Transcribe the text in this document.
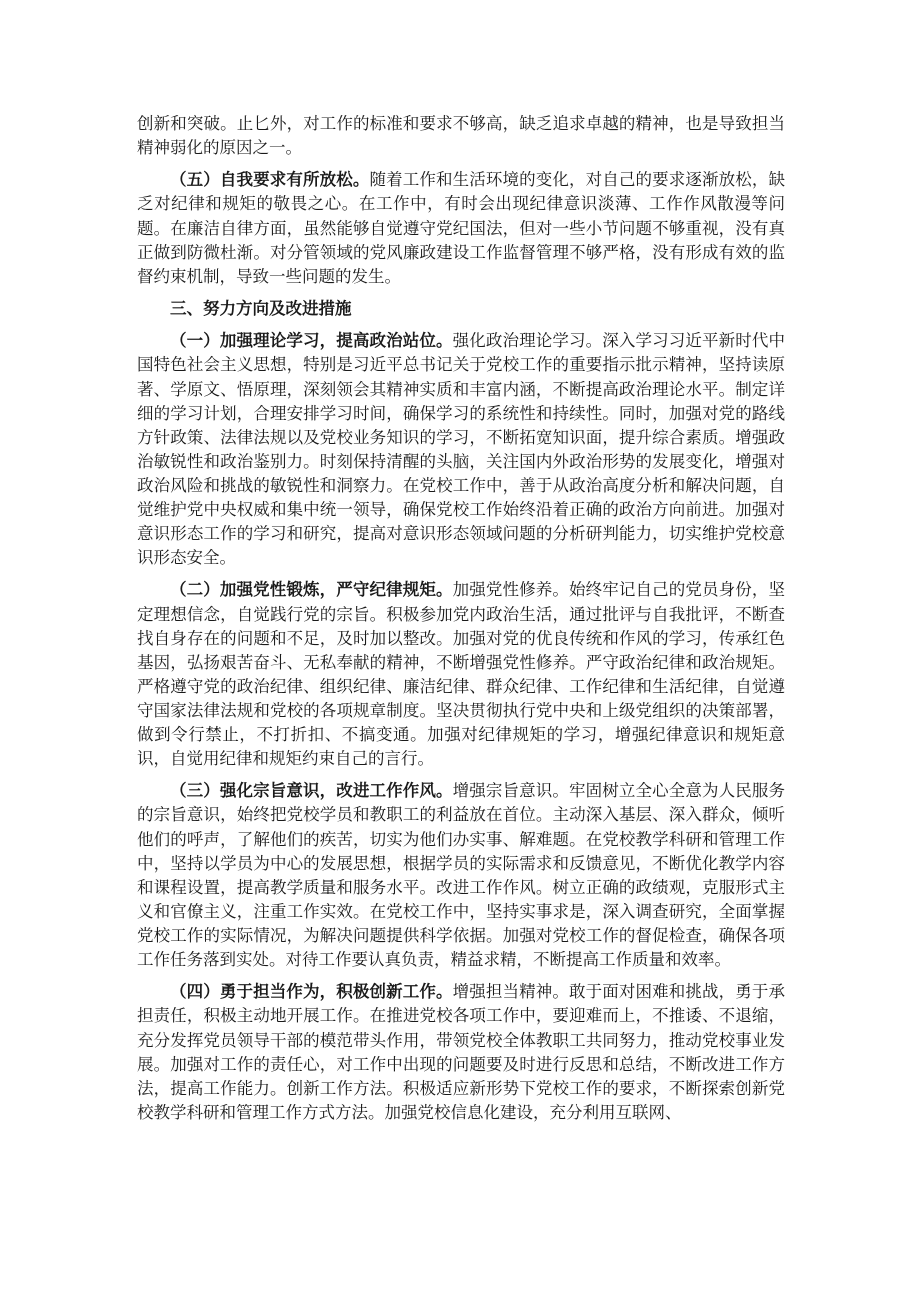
创新和突破。止匕外，对工作的标准和要求不够高，缺乏追求卓越的精神，也是导致担当精神弱化的原因之一。

（五）自我要求有所放松。随着工作和生活环境的变化，对自己的要求逐渐放松，缺乏对纪律和规矩的敬畏之心。在工作中，有时会出现纪律意识淡薄、工作作风散漫等问题。在廉洁自律方面，虽然能够自觉遵守党纪国法，但对一些小节问题不够重视，没有真正做到防微杜渐。对分管领域的党风廉政建设工作监督管理不够严格，没有形成有效的监督约束机制，导致一些问题的发生。

三、努力方向及改进措施

（一）加强理论学习，提高政治站位。强化政治理论学习。深入学习习近平新时代中国特色社会主义思想，特别是习近平总书记关于党校工作的重要指示批示精神，坚持读原著、学原文、悟原理，深刻领会其精神实质和丰富内涵，不断提高政治理论水平。制定详细的学习计划，合理安排学习时间，确保学习的系统性和持续性。同时，加强对党的路线方针政策、法律法规以及党校业务知识的学习，不断拓宽知识面，提升综合素质。增强政治敏锐性和政治鉴别力。时刻保持清醒的头脑，关注国内外政治形势的发展变化，增强对政治风险和挑战的敏锐性和洞察力。在党校工作中，善于从政治高度分析和解决问题，自觉维护党中央权威和集中统一领导，确保党校工作始终沿着正确的政治方向前进。加强对意识形态工作的学习和研究，提高对意识形态领域问题的分析研判能力，切实维护党校意识形态安全。

（二）加强党性锻炼，严守纪律规矩。加强党性修养。始终牢记自己的党员身份，坚定理想信念，自觉践行党的宗旨。积极参加党内政治生活，通过批评与自我批评，不断查找自身存在的问题和不足，及时加以整改。加强对党的优良传统和作风的学习，传承红色基因，弘扬艰苦奋斗、无私奉献的精神，不断增强党性修养。严守政治纪律和政治规矩。严格遵守党的政治纪律、组织纪律、廉洁纪律、群众纪律、工作纪律和生活纪律，自觉遵守国家法律法规和党校的各项规章制度。坚决贯彻执行党中央和上级党组织的决策部署，做到令行禁止，不打折扣、不搞变通。加强对纪律规矩的学习，增强纪律意识和规矩意识，自觉用纪律和规矩约束自己的言行。

（三）强化宗旨意识，改进工作作风。增强宗旨意识。牢固树立全心全意为人民服务的宗旨意识，始终把党校学员和教职工的利益放在首位。主动深入基层、深入群众，倾听他们的呼声，了解他们的疾苦，切实为他们办实事、解难题。在党校教学科研和管理工作中，坚持以学员为中心的发展思想，根据学员的实际需求和反馈意见，不断优化教学内容和课程设置，提高教学质量和服务水平。改进工作作风。树立正确的政绩观，克服形式主义和官僚主义，注重工作实效。在党校工作中，坚持实事求是，深入调查研究，全面掌握党校工作的实际情况，为解决问题提供科学依据。加强对党校工作的督促检查，确保各项工作任务落到实处。对待工作要认真负责，精益求精，不断提高工作质量和效率。

（四）勇于担当作为，积极创新工作。增强担当精神。敢于面对困难和挑战，勇于承担责任，积极主动地开展工作。在推进党校各项工作中，要迎难而上，不推诿、不退缩，充分发挥党员领导干部的模范带头作用，带领党校全体教职工共同努力，推动党校事业发展。加强对工作的责任心，对工作中出现的问题要及时进行反思和总结，不断改进工作方法，提高工作能力。创新工作方法。积极适应新形势下党校工作的要求，不断探索创新党校教学科研和管理工作方式方法。加强党校信息化建设，充分利用互联网、
